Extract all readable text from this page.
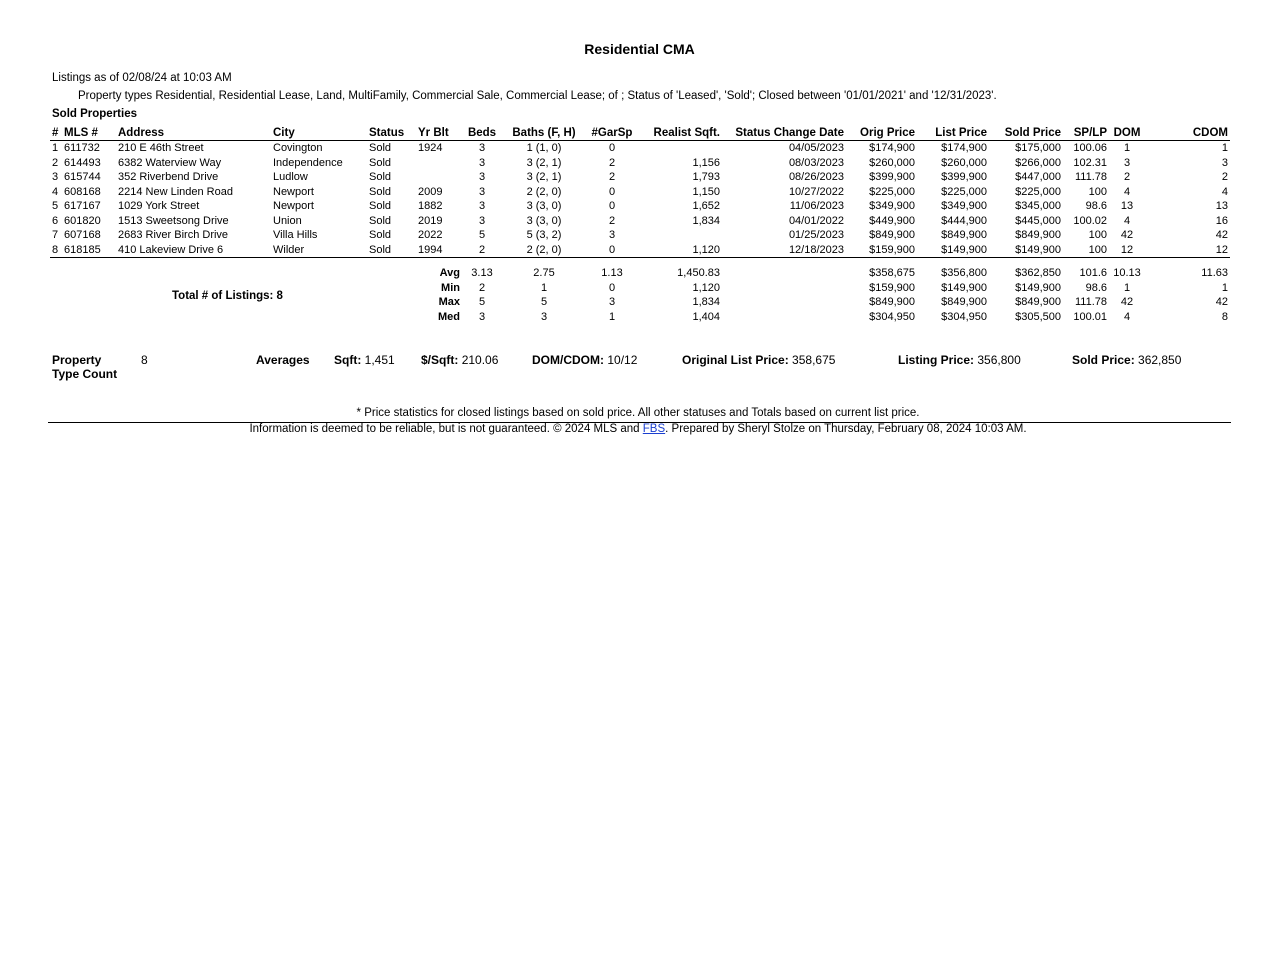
Residential CMA
Listings as of 02/08/24 at 10:03 AM
Property types Residential, Residential Lease, Land, MultiFamily, Commercial Sale, Commercial Lease; of ; Status of 'Leased', 'Sold'; Closed between '01/01/2021' and '12/31/2023'.
Sold Properties
#	MLS #	Address	City	Status	Yr Blt	Beds	Baths (F, H)	#GarSp	Realist Sqft.	Status Change Date	Orig Price	List Price	Sold Price	SP/LP	DOM	CDOM
1	611732	210 E 46th Street	Covington	Sold	1924	3	1 (1, 0)	0		04/05/2023	$174,900	$174,900	$175,000	100.06	1	1
2	614493	6382 Waterview Way	Independence	Sold		3	3 (2, 1)	2	1,156	08/03/2023	$260,000	$260,000	$266,000	102.31	3	3
3	615744	352 Riverbend Drive	Ludlow	Sold		3	3 (2, 1)	2	1,793	08/26/2023	$399,900	$399,900	$447,000	111.78	2	2
4	608168	2214 New Linden Road	Newport	Sold	2009	3	2 (2, 0)	0	1,150	10/27/2022	$225,000	$225,000	$225,000	100	4	4
5	617167	1029 York Street	Newport	Sold	1882	3	3 (3, 0)	0	1,652	11/06/2023	$349,900	$349,900	$345,000	98.6	13	13
6	601820	1513 Sweetsong Drive	Union	Sold	2019	3	3 (3, 0)	2	1,834	04/01/2022	$449,900	$444,900	$445,000	100.02	4	16
7	607168	2683 River Birch Drive	Villa Hills	Sold	2022	5	5 (3, 2)	3		01/25/2023	$849,900	$849,900	$849,900	100	42	42
8	618185	410 Lakeview Drive 6	Wilder	Sold	1994	2	2 (2, 0)	0	1,120	12/18/2023	$159,900	$149,900	$149,900	100	12	12
Total # of Listings: 8
					Avg	3.13	2.75	1.13	1,450.83		$358,675	$356,800	$362,850	101.6	10.13	11.63
					Min	2	1	0	1,120		$159,900	$149,900	$149,900	98.6	1	1
					Max	5	5	3	1,834		$849,900	$849,900	$849,900	111.78	42	42
					Med	3	3	1	1,404		$304,950	$304,950	$305,500	100.01	4	8
Property
Type Count
8	Averages Sqft: 1,451 $/Sqft: 210.06	DOM/CDOM: 10/12	Original List Price: 358,675	Listing Price: 356,800	Sold Price: 362,850
* Price statistics for closed listings based on sold price. All other statuses and Totals based on current list price.
Information is deemed to be reliable, but is not guaranteed. © 2024 MLS and FBS. Prepared by Sheryl Stolze on Thursday, February 08, 2024 10:03 AM.
